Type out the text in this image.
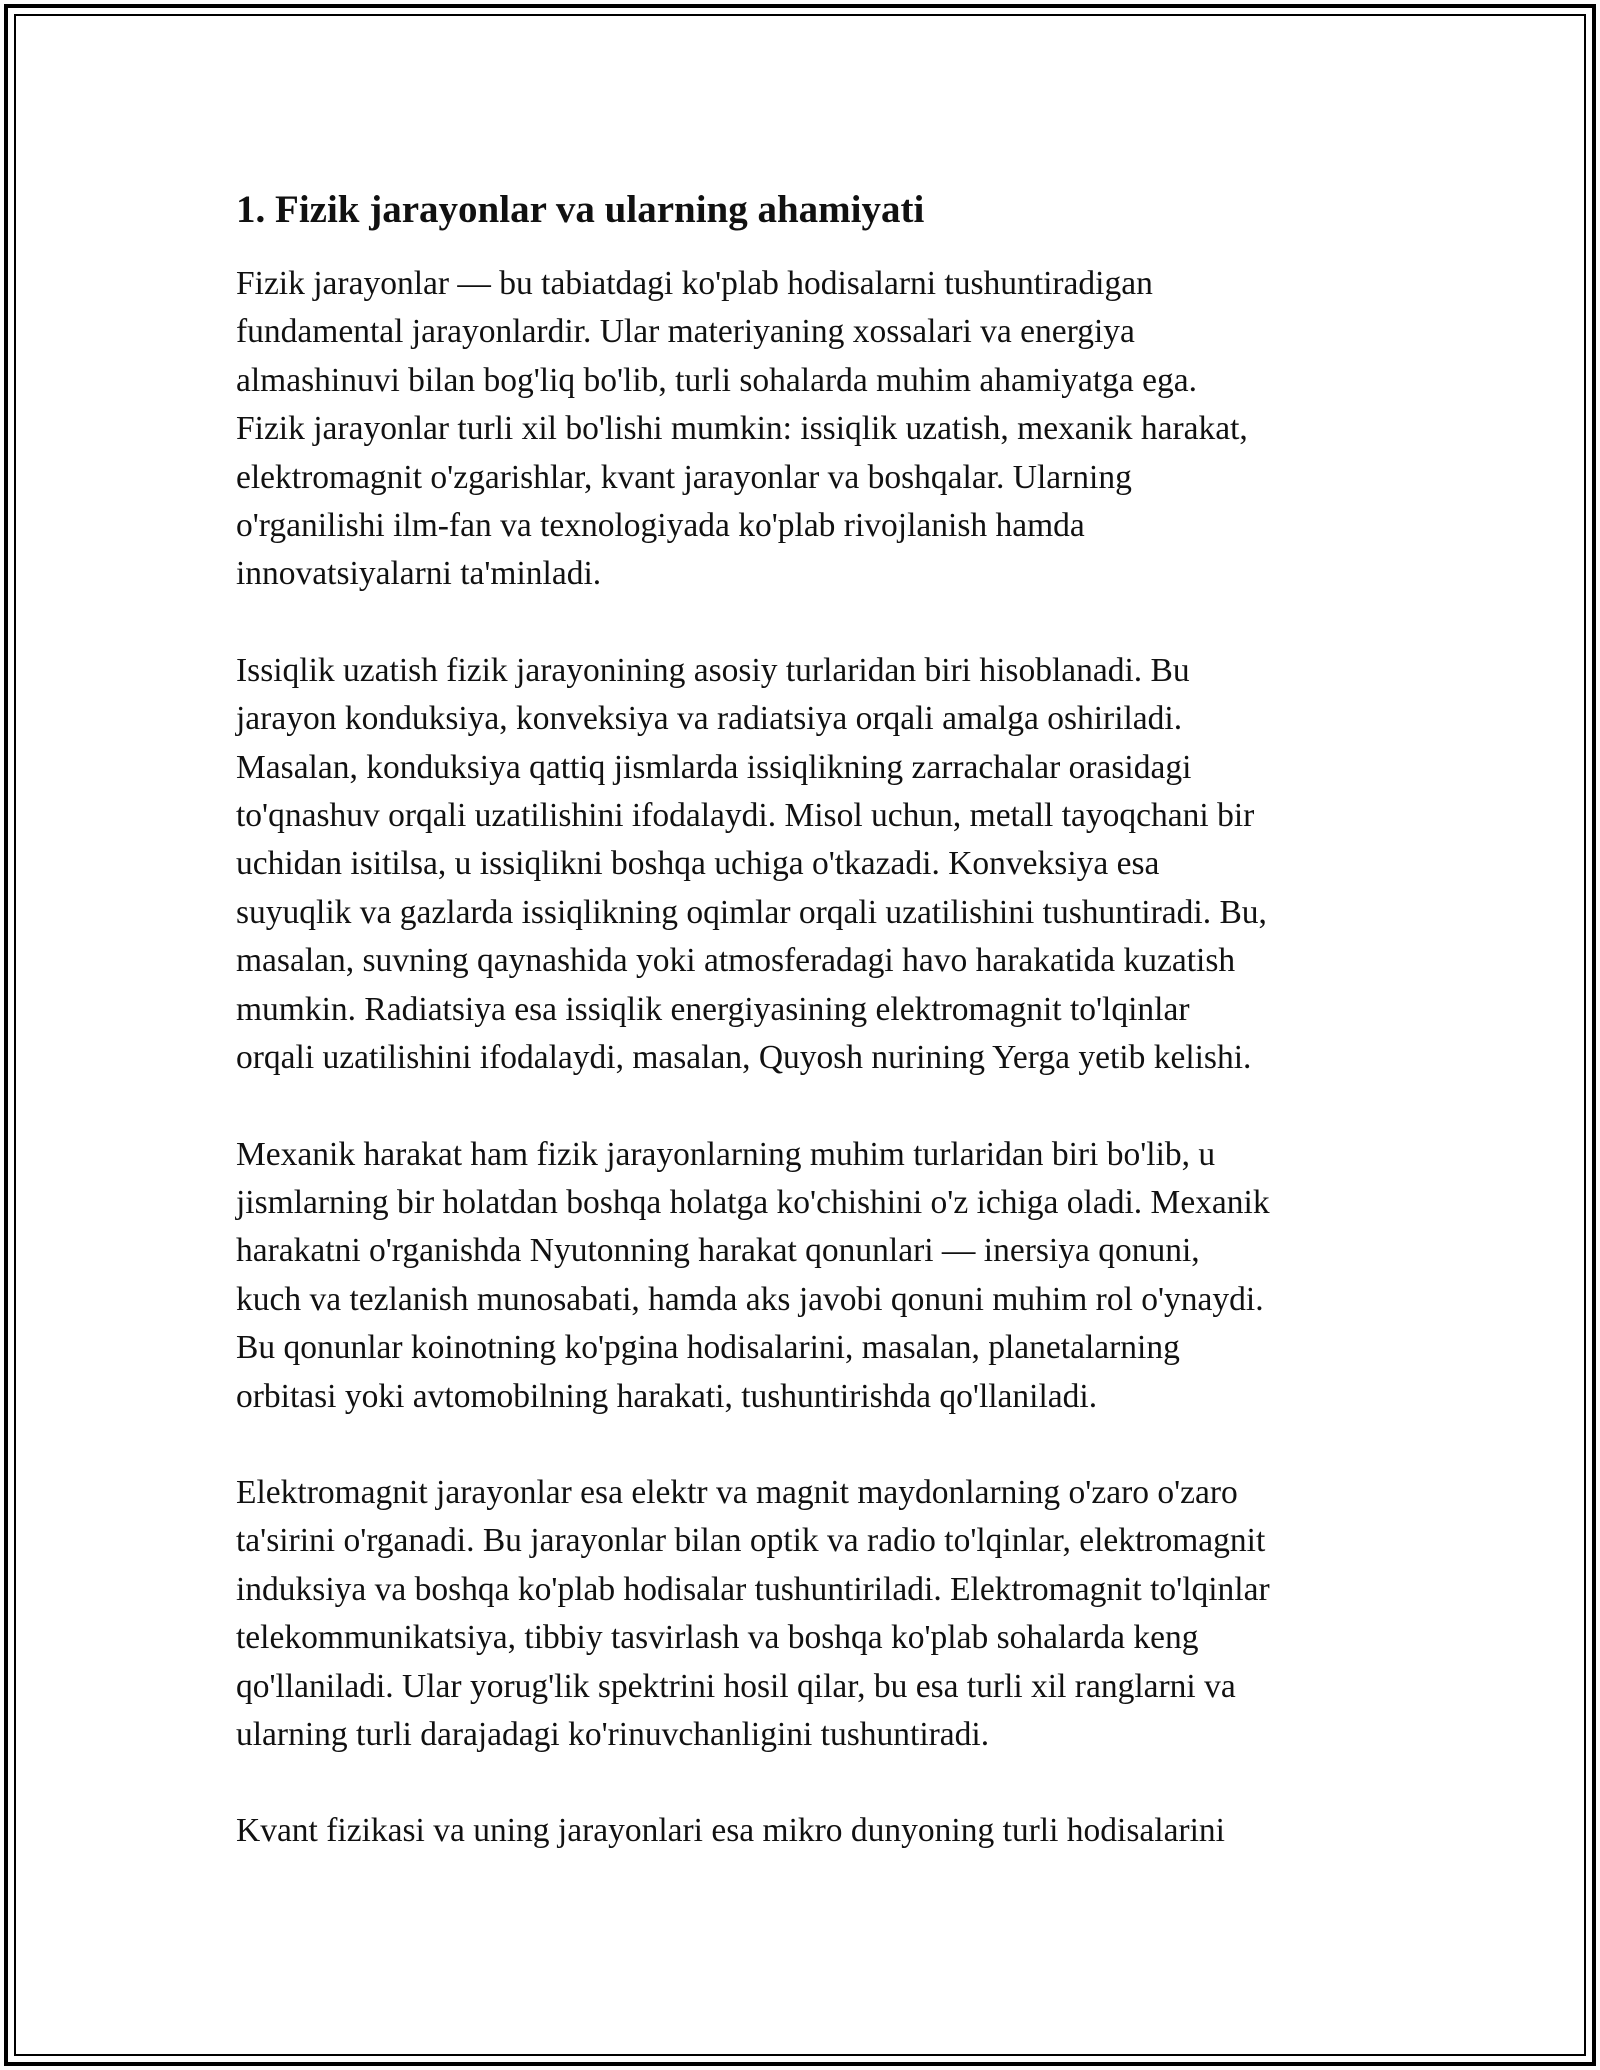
1. Fizik jarayonlar va ularning ahamiyati
Fizik jarayonlar — bu tabiatdagi ko'plab hodisalarni tushuntiradigan
fundamental jarayonlardir. Ular materiyaning xossalari va energiya
almashinuvi bilan bog'liq bo'lib, turli sohalarda muhim ahamiyatga ega.
Fizik jarayonlar turli xil bo'lishi mumkin: issiqlik uzatish, mexanik harakat,
elektromagnit o'zgarishlar, kvant jarayonlar va boshqalar. Ularning
o'rganilishi ilm-fan va texnologiyada ko'plab rivojlanish hamda
innovatsiyalarni ta'minladi.
Issiqlik uzatish fizik jarayonining asosiy turlaridan biri hisoblanadi. Bu
jarayon konduksiya, konveksiya va radiatsiya orqali amalga oshiriladi.
Masalan, konduksiya qattiq jismlarda issiqlikning zarrachalar orasidagi
to'qnashuv orqali uzatilishini ifodalaydi. Misol uchun, metall tayoqchani bir
uchidan isitilsa, u issiqlikni boshqa uchiga o'tkazadi. Konveksiya esa
suyuqlik va gazlarda issiqlikning oqimlar orqali uzatilishini tushuntiradi. Bu,
masalan, suvning qaynashida yoki atmosferadagi havo harakatida kuzatish
mumkin. Radiatsiya esa issiqlik energiyasining elektromagnit to'lqinlar
orqali uzatilishini ifodalaydi, masalan, Quyosh nurining Yerga yetib kelishi.
Mexanik harakat ham fizik jarayonlarning muhim turlaridan biri bo'lib, u
jismlarning bir holatdan boshqa holatga ko'chishini o'z ichiga oladi. Mexanik
harakatni o'rganishda Nyutonning harakat qonunlari — inersiya qonuni,
kuch va tezlanish munosabati, hamda aks javobi qonuni muhim rol o'ynaydi.
Bu qonunlar koinotning ko'pgina hodisalarini, masalan, planetalarning
orbitasi yoki avtomobilning harakati, tushuntirishda qo'llaniladi.
Elektromagnit jarayonlar esa elektr va magnit maydonlarning o'zaro o'zaro
ta'sirini o'rganadi. Bu jarayonlar bilan optik va radio to'lqinlar, elektromagnit
induksiya va boshqa ko'plab hodisalar tushuntiriladi. Elektromagnit to'lqinlar
telekommunikatsiya, tibbiy tasvirlash va boshqa ko'plab sohalarda keng
qo'llaniladi. Ular yorug'lik spektrini hosil qilar, bu esa turli xil ranglarni va
ularning turli darajadagi ko'rinuvchanligini tushuntiradi.
Kvant fizikasi va uning jarayonlari esa mikro dunyoning turli hodisalarini
